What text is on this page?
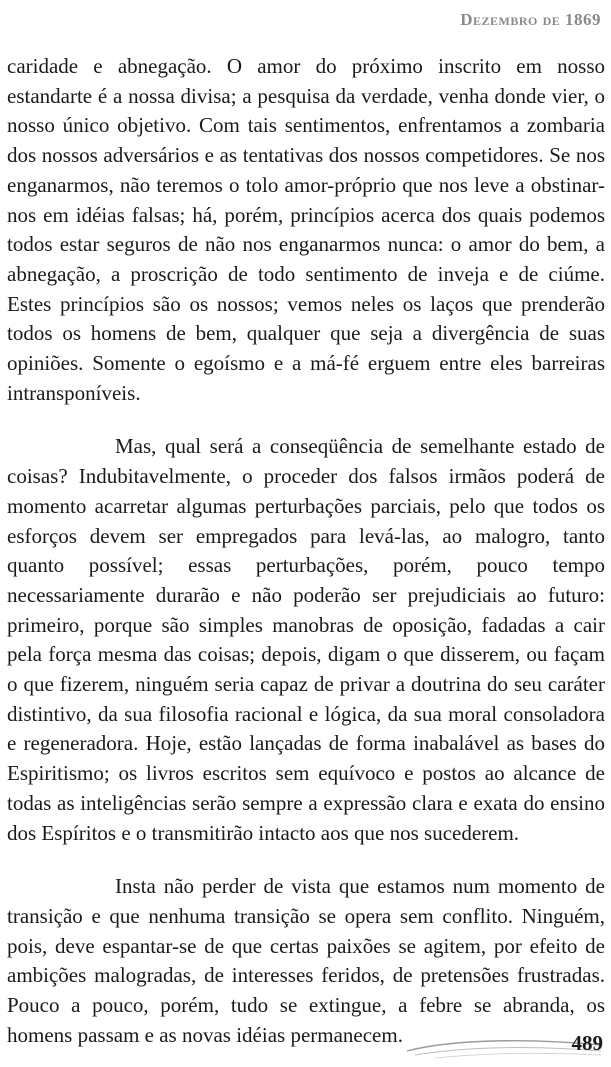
Dezembro de 1869

caridade e abnegação. O amor do próximo inscrito em nosso estandarte é a nossa divisa; a pesquisa da verdade, venha donde vier, o nosso único objetivo. Com tais sentimentos, enfrentamos a zombaria dos nossos adversários e as tentativas dos nossos competidores. Se nos enganarmos, não teremos o tolo amor-próprio que nos leve a obstinar-nos em idéias falsas; há, porém, princípios acerca dos quais podemos todos estar seguros de não nos enganarmos nunca: o amor do bem, a abnegação, a proscrição de todo sentimento de inveja e de ciúme. Estes princípios são os nossos; vemos neles os laços que prenderão todos os homens de bem, qualquer que seja a divergência de suas opiniões. Somente o egoísmo e a má-fé erguem entre eles barreiras intransponíveis.

Mas, qual será a conseqüência de semelhante estado de coisas? Indubitavelmente, o proceder dos falsos irmãos poderá de momento acarretar algumas perturbações parciais, pelo que todos os esforços devem ser empregados para levá-las, ao malogro, tanto quanto possível; essas perturbações, porém, pouco tempo necessariamente durarão e não poderão ser prejudiciais ao futuro: primeiro, porque são simples manobras de oposição, fadadas a cair pela força mesma das coisas; depois, digam o que disserem, ou façam o que fizerem, ninguém seria capaz de privar a doutrina do seu caráter distintivo, da sua filosofia racional e lógica, da sua moral consoladora e regeneradora. Hoje, estão lançadas de forma inabalável as bases do Espiritismo; os livros escritos sem equívoco e postos ao alcance de todas as inteligências serão sempre a expressão clara e exata do ensino dos Espíritos e o transmitirão intacto aos que nos sucederem.

Insta não perder de vista que estamos num momento de transição e que nenhuma transição se opera sem conflito. Ninguém, pois, deve espantar-se de que certas paixões se agitem, por efeito de ambições malogradas, de interesses feridos, de pretensões frustradas. Pouco a pouco, porém, tudo se extingue, a febre se abranda, os homens passam e as novas idéias permanecem.	489
